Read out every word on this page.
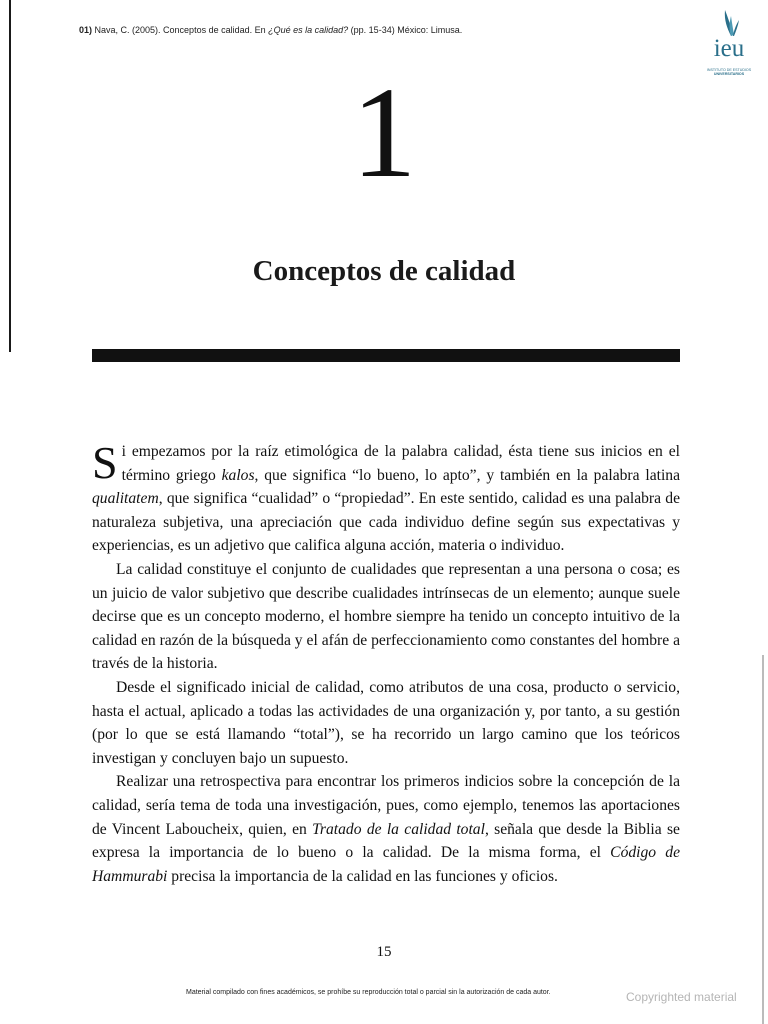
01) Nava, C. (2005). Conceptos de calidad. En ¿Qué es la calidad? (pp. 15-34) México: Limusa.
ieu
INSTITUTO DE ESTUDIOS
UNIVERSITARIOS
1
Conceptos de calidad

Si empezamos por la raíz etimológica de la palabra calidad, ésta tiene sus inicios en el término griego kalos, que significa “lo bueno, lo apto”, y también en la palabra latina qualitatem, que significa “cualidad” o “propiedad”. En este sentido, calidad es una palabra de naturaleza subjetiva, una apreciación que cada individuo define según sus expectativas y experiencias, es un adjetivo que califica alguna acción, materia o individuo.

La calidad constituye el conjunto de cualidades que representan a una persona o cosa; es un juicio de valor subjetivo que describe cualidades intrínsecas de un elemento; aunque suele decirse que es un concepto moderno, el hombre siempre ha tenido un concepto intuitivo de la calidad en razón de la búsqueda y el afán de perfeccionamiento como constantes del hombre a través de la historia.

Desde el significado inicial de calidad, como atributos de una cosa, producto o servicio, hasta el actual, aplicado a todas las actividades de una organización y, por tanto, a su gestión (por lo que se está llamando “total”), se ha recorrido un largo camino que los teóricos investigan y concluyen bajo un supuesto.

Realizar una retrospectiva para encontrar los primeros indicios sobre la concepción de la calidad, sería tema de toda una investigación, pues, como ejemplo, tenemos las aportaciones de Vincent Laboucheix, quien, en Tratado de la calidad total, señala que desde la Biblia se expresa la importancia de lo bueno o la calidad. De la misma forma, el Código de Hammurabi precisa la importancia de la calidad en las funciones y oficios.

15
Material compilado con fines académicos, se prohíbe su reproducción total o parcial sin la autorización de cada autor.	Copyrighted material
